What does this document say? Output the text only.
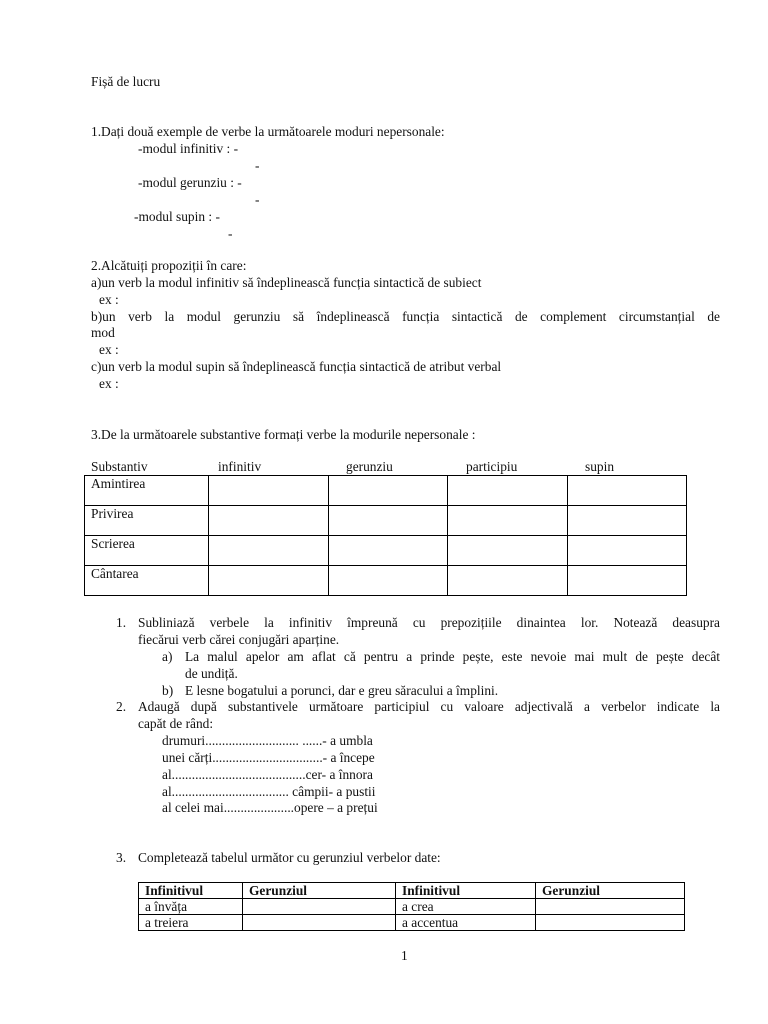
Fișă de lucru
1.Dați două exemple de verbe la următoarele moduri nepersonale:
-modul infinitiv : -
-
-modul gerunziu : -
-
-modul supin : -
-
2.Alcătuiți propoziții în care:
a)un verb la modul infinitiv să îndeplinească funcția sintactică de subiect
ex :
b)un verb la modul gerunziu să îndeplinească funcția sintactică de complement circumstanțial de
mod
ex :
c)un verb la modul supin să îndeplinească funcția sintactică de atribut verbal
ex :
3.De la următoarele substantive formați verbe la modurile nepersonale :
Substantiv	infinitiv	gerunziu	participiu	supin
Amintirea				
Privirea				
Scrierea				
Cântarea				
1. Subliniază verbele la infinitiv împreună cu prepozițiile dinaintea lor. Notează deasupra
fiecărui verb cărei conjugări aparține.
a) La malul apelor am aflat că pentru a prinde pește, este nevoie mai mult de pește decât
de undiță.
b) E lesne bogatului a porunci, dar e greu săracului a împlini.
2. Adaugă după substantivele următoare participiul cu valoare adjectivală a verbelor indicate la
capăt de rând:
drumuri............................ ......- a umbla
unei cărți.................................- a începe
al........................................cer- a înnora
al................................... câmpii- a pustii
al celei mai.....................opere – a prețui
3. Completează tabelul următor cu gerunziul verbelor date:
Infinitivul	Gerunziul	Infinitivul	Gerunziul
a învăța		a crea	
a treiera		a accentua	
1
